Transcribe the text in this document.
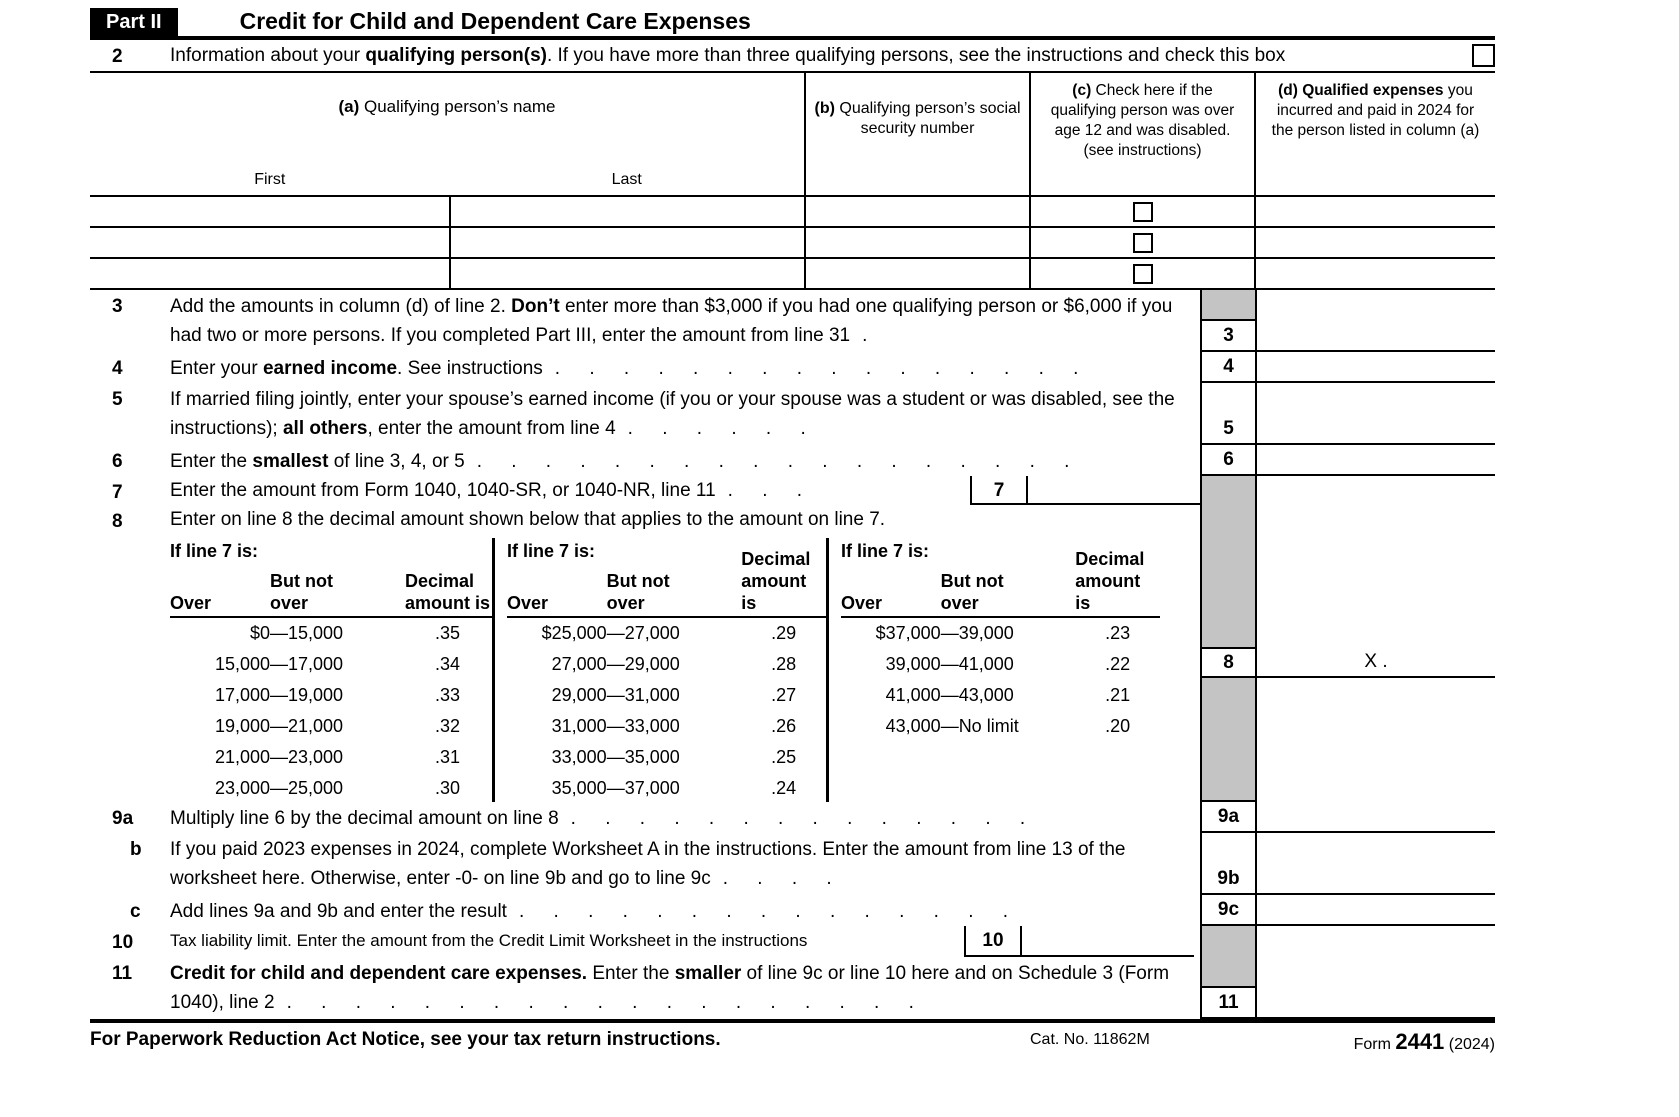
Part II	Credit for Child and Dependent Care Expenses
2	Information about your qualifying person(s). If you have more than three qualifying persons, see the instructions and check this box
(a) Qualifying person’s name
First Last		(b) Qualifying person’s social security number	(c) Check here if the qualifying person was over age 12 and was disabled. (see instructions)	(d) Qualified expenses you incurred and paid in 2024 for the person listed in column (a)

3	Add the amounts in column (d) of line 2. Don’t enter more than $3,000 if you had one qualifying person or $6,000 if you had two or more persons. If you completed Part III, enter the amount from line 31 .	3
4	Enter your earned income. See instructions . . . . . . . . . . . . . . . .	4
5	If married filing jointly, enter your spouse’s earned income (if you or your spouse was a student or was disabled, see the instructions); all others, enter the amount from line 4 . . . . . .	5
6	Enter the smallest of line 3, 4, or 5 . . . . . . . . . . . . . . . . . .	6
7	Enter the amount from Form 1040, 1040-SR, or 1040-NR, line 11 . . .	7
8	Enter on line 8 the decimal amount shown below that applies to the amount on line 7.
If line 7 is:
Over
But not over
Decimal amount is
$0 —15,000	.35
15,000 —17,000	.34
17,000 —19,000	.33
19,000 —21,000	.32
21,000 —23,000	.31
23,000 —25,000	.30
If line 7 is:
Over
But not over
Decimal amount is
$25,000 —27,000	.29
27,000 —29,000	.28
29,000 —31,000	.27
31,000 —33,000	.26
33,000 —35,000	.25
35,000 —37,000	.24
If line 7 is:
Over
But not over
Decimal amount is
$37,000 —39,000	.23
39,000 —41,000	.22
41,000 —43,000	.21
43,000 —No limit	.20
8	X .
9a	Multiply line 6 by the decimal amount on line 8 . . . . . . . . . . . . . .	9a
b	If you paid 2023 expenses in 2024, complete Worksheet A in the instructions. Enter the amount from line 13 of the worksheet here. Otherwise, enter -0- on line 9b and go to line 9c . . . .	9b
c	Add lines 9a and 9b and enter the result . . . . . . . . . . . . . . .	9c
10	Tax liability limit. Enter the amount from the Credit Limit Worksheet in the instructions	10
11	Credit for child and dependent care expenses. Enter the smaller of line 9c or line 10 here and on Schedule 3 (Form 1040), line 2 . . . . . . . . . . . . . . . . . . .	11
For Paperwork Reduction Act Notice, see your tax return instructions.	Cat. No. 11862M	Form 2441 (2024)
